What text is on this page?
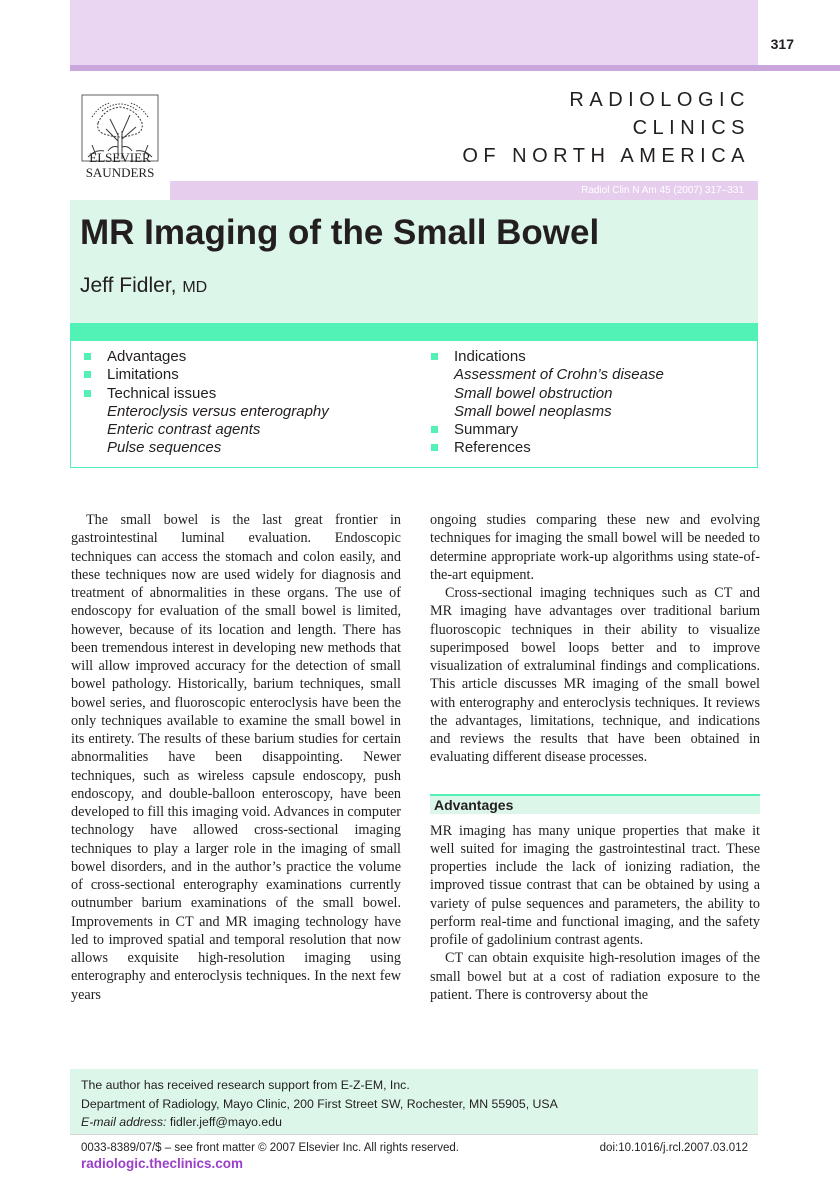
317
ELSEVIER
SAUNDERS
RADIOLOGIC
CLINICS
OF NORTH AMERICA
Radiol Clin N Am 45 (2007) 317–331
MR Imaging of the Small Bowel
Jeff Fidler, MD
Advantages
Limitations
Technical issues
Enteroclysis versus enterography
Enteric contrast agents
Pulse sequences
Indications
Assessment of Crohn’s disease
Small bowel obstruction
Small bowel neoplasms
Summary
References

The small bowel is the last great frontier in gastrointestinal luminal evaluation. Endoscopic techniques can access the stomach and colon easily, and these techniques now are used widely for diagnosis and treatment of abnormalities in these organs. The use of endoscopy for evaluation of the small bowel is limited, however, because of its location and length. There has been tremendous interest in developing new methods that will allow improved accuracy for the detection of small bowel pathology. Historically, barium techniques, small bowel series, and fluoroscopic enteroclysis have been the only techniques available to examine the small bowel in its entirety. The results of these barium studies for certain abnormalities have been disappointing. Newer techniques, such as wireless capsule endoscopy, push endoscopy, and double-balloon enteroscopy, have been developed to fill this imaging void. Advances in computer technology have allowed cross-sectional imaging techniques to play a larger role in the imaging of small bowel disorders, and in the author’s practice the volume of cross-sectional enterography examinations currently outnumber barium examinations of the small bowel. Improvements in CT and MR imaging technology have led to improved spatial and temporal resolution that now allows exquisite high-resolution imaging using enterography and enteroclysis techniques. In the next few years

ongoing studies comparing these new and evolving techniques for imaging the small bowel will be needed to determine appropriate work-up algorithms using state-of-the-art equipment.

Cross-sectional imaging techniques such as CT and MR imaging have advantages over traditional barium fluoroscopic techniques in their ability to visualize superimposed bowel loops better and to improve visualization of extraluminal findings and complications. This article discusses MR imaging of the small bowel with enterography and enteroclysis techniques. It reviews the advantages, limitations, technique, and indications and reviews the results that have been obtained in evaluating different disease processes.

Advantages

MR imaging has many unique properties that make it well suited for imaging the gastrointestinal tract. These properties include the lack of ionizing radiation, the improved tissue contrast that can be obtained by using a variety of pulse sequences and parameters, the ability to perform real-time and functional imaging, and the safety profile of gadolinium contrast agents.

CT can obtain exquisite high-resolution images of the small bowel but at a cost of radiation exposure to the patient. There is controversy about the

The author has received research support from E-Z-EM, Inc.
Department of Radiology, Mayo Clinic, 200 First Street SW, Rochester, MN 55905, USA
E-mail address: fidler.jeff@mayo.edu
0033-8389/07/$ – see front matter © 2007 Elsevier Inc. All rights reserved.	doi:10.1016/j.rcl.2007.03.012
radiologic.theclinics.com
